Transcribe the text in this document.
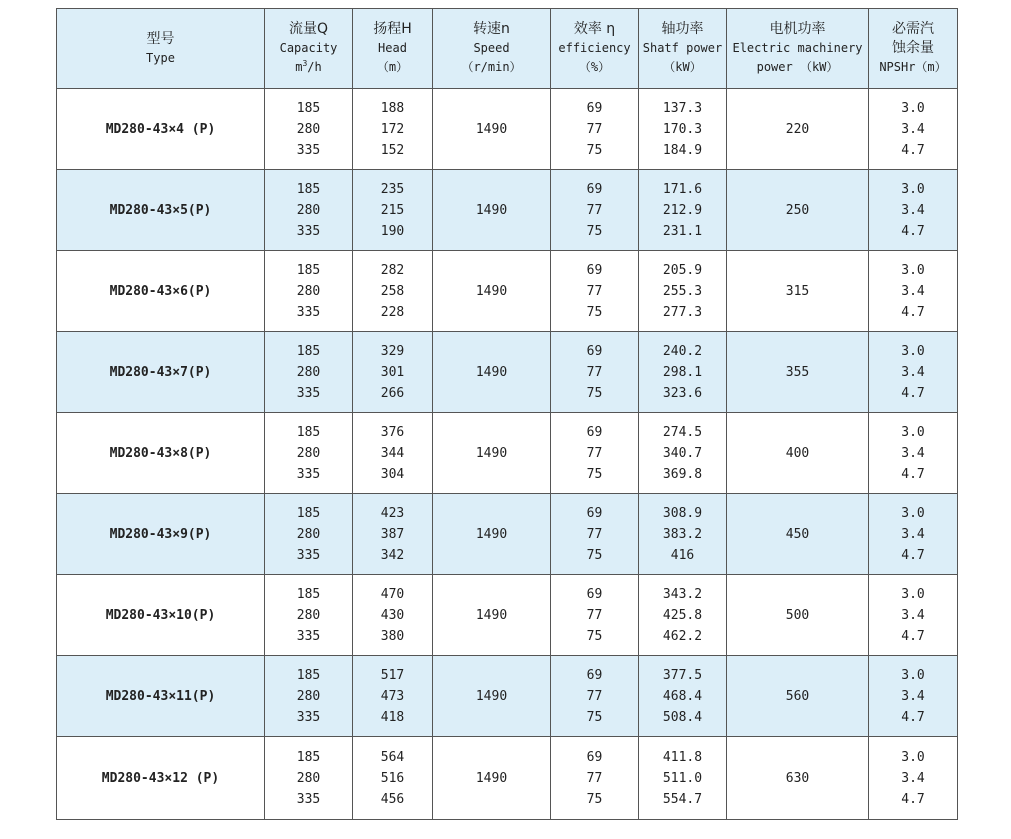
型号
Type	流量Q
Capacity
$m^3/h$	扬程H
Head
（m）	转速n
Speed
（r/min）	效率 η
efficiency
（%）	轴功率
Shatf power
（kW）	电机功率
Electric machinery
power （kW）	必需汽
蚀余量
NPSHr（m）

MD280-43×4 (P)	185
280
335	188
172
152	1490	69
77
75	137.3
170.3
184.9	220	3.0
3.4
4.7

MD280-43×5(P)	185
280
335	235
215
190	1490	69
77
75	171.6
212.9
231.1	250	3.0
3.4
4.7

MD280-43×6(P)	185
280
335	282
258
228	1490	69
77
75	205.9
255.3
277.3	315	3.0
3.4
4.7

MD280-43×7(P)	185
280
335	329
301
266	1490	69
77
75	240.2
298.1
323.6	355	3.0
3.4
4.7

MD280-43×8(P)	185
280
335	376
344
304	1490	69
77
75	274.5
340.7
369.8	400	3.0
3.4
4.7

MD280-43×9(P)	185
280
335	423
387
342	1490	69
77
75	308.9
383.2
416	450	3.0
3.4
4.7

MD280-43×10(P)	185
280
335	470
430
380	1490	69
77
75	343.2
425.8
462.2	500	3.0
3.4
4.7

MD280-43×11(P)	185
280
335	517
473
418	1490	69
77
75	377.5
468.4
508.4	560	3.0
3.4
4.7

MD280-43×12 (P)	185
280
335	564
516
456	1490	69
77
75	411.8
511.0
554.7	630	3.0
3.4
4.7
